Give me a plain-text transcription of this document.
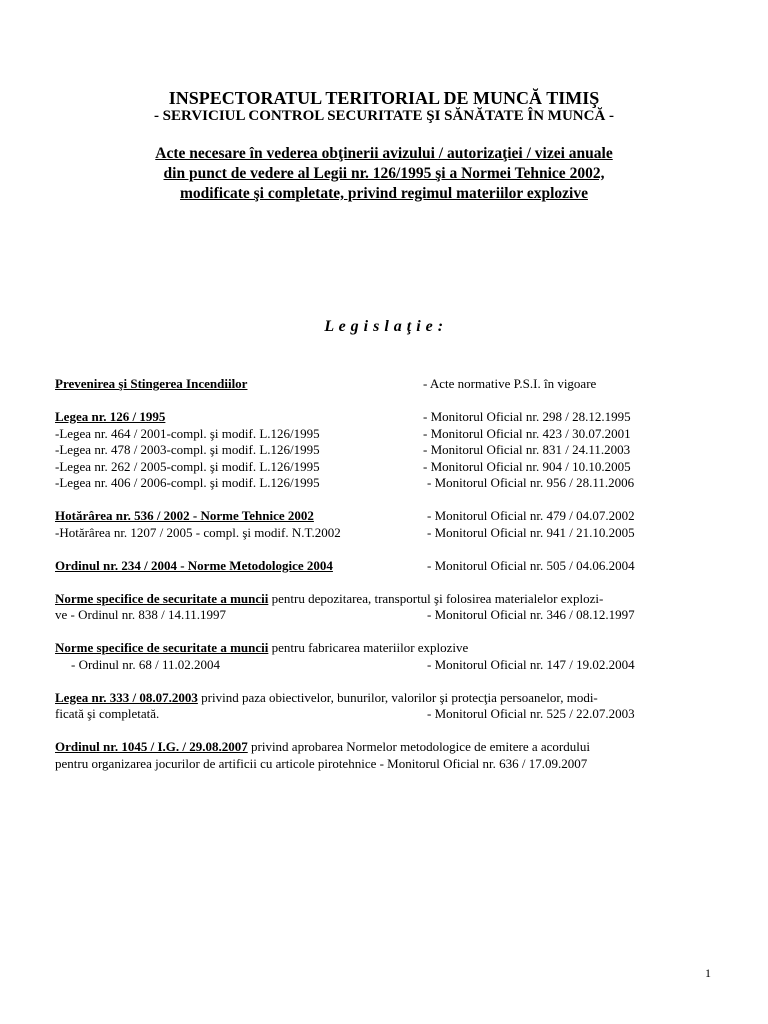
INSPECTORATUL TERITORIAL DE MUNCĂ TIMIŞ
- SERVICIUL CONTROL SECURITATE ŞI SĂNĂTATE ÎN MUNCĂ -
Acte necesare în vederea obţinerii avizului / autorizaţiei / vizei anuale
din punct de vedere al Legii nr. 126/1995 şi a Normei Tehnice 2002,
modificate şi completate, privind regimul materiilor explozive
L e g i s l a ţ i e :
Prevenirea şi Stingerea Incendiilor	- Acte normative P.S.I. în vigoare
Legea nr. 126 / 1995	- Monitorul Oficial nr. 298 / 28.12.1995
-Legea nr. 464 / 2001-compl. şi modif. L.126/1995	- Monitorul Oficial nr. 423 / 30.07.2001
-Legea nr. 478 / 2003-compl. şi modif. L.126/1995	- Monitorul Oficial nr. 831 / 24.11.2003
-Legea nr. 262 / 2005-compl. şi modif. L.126/1995	- Monitorul Oficial nr. 904 / 10.10.2005
-Legea nr. 406 / 2006-compl. şi modif. L.126/1995	- Monitorul Oficial nr. 956 / 28.11.2006
Hotărârea nr. 536 / 2002 - Norme Tehnice 2002	- Monitorul Oficial nr. 479 / 04.07.2002
-Hotărârea nr. 1207 / 2005 - compl. şi modif. N.T.2002	- Monitorul Oficial nr. 941 / 21.10.2005
Ordinul nr. 234 / 2004 - Norme Metodologice 2004	- Monitorul Oficial nr. 505 / 04.06.2004
Norme specifice de securitate a muncii pentru depozitarea, transportul şi folosirea materialelor explozi-
ve - Ordinul nr. 838 / 14.11.1997	- Monitorul Oficial nr. 346 / 08.12.1997
Norme specifice de securitate a muncii pentru fabricarea materiilor explozive
- Ordinul nr. 68 / 11.02.2004	- Monitorul Oficial nr. 147 / 19.02.2004
Legea nr. 333 / 08.07.2003 privind paza obiectivelor, bunurilor, valorilor şi protecţia persoanelor, modi-
ficată şi completată.	- Monitorul Oficial nr. 525 / 22.07.2003
Ordinul nr. 1045 / I.G. / 29.08.2007 privind aprobarea Normelor metodologice de emitere a acordului
pentru organizarea jocurilor de artificii cu articole pirotehnice - Monitorul Oficial nr. 636 / 17.09.2007
1
